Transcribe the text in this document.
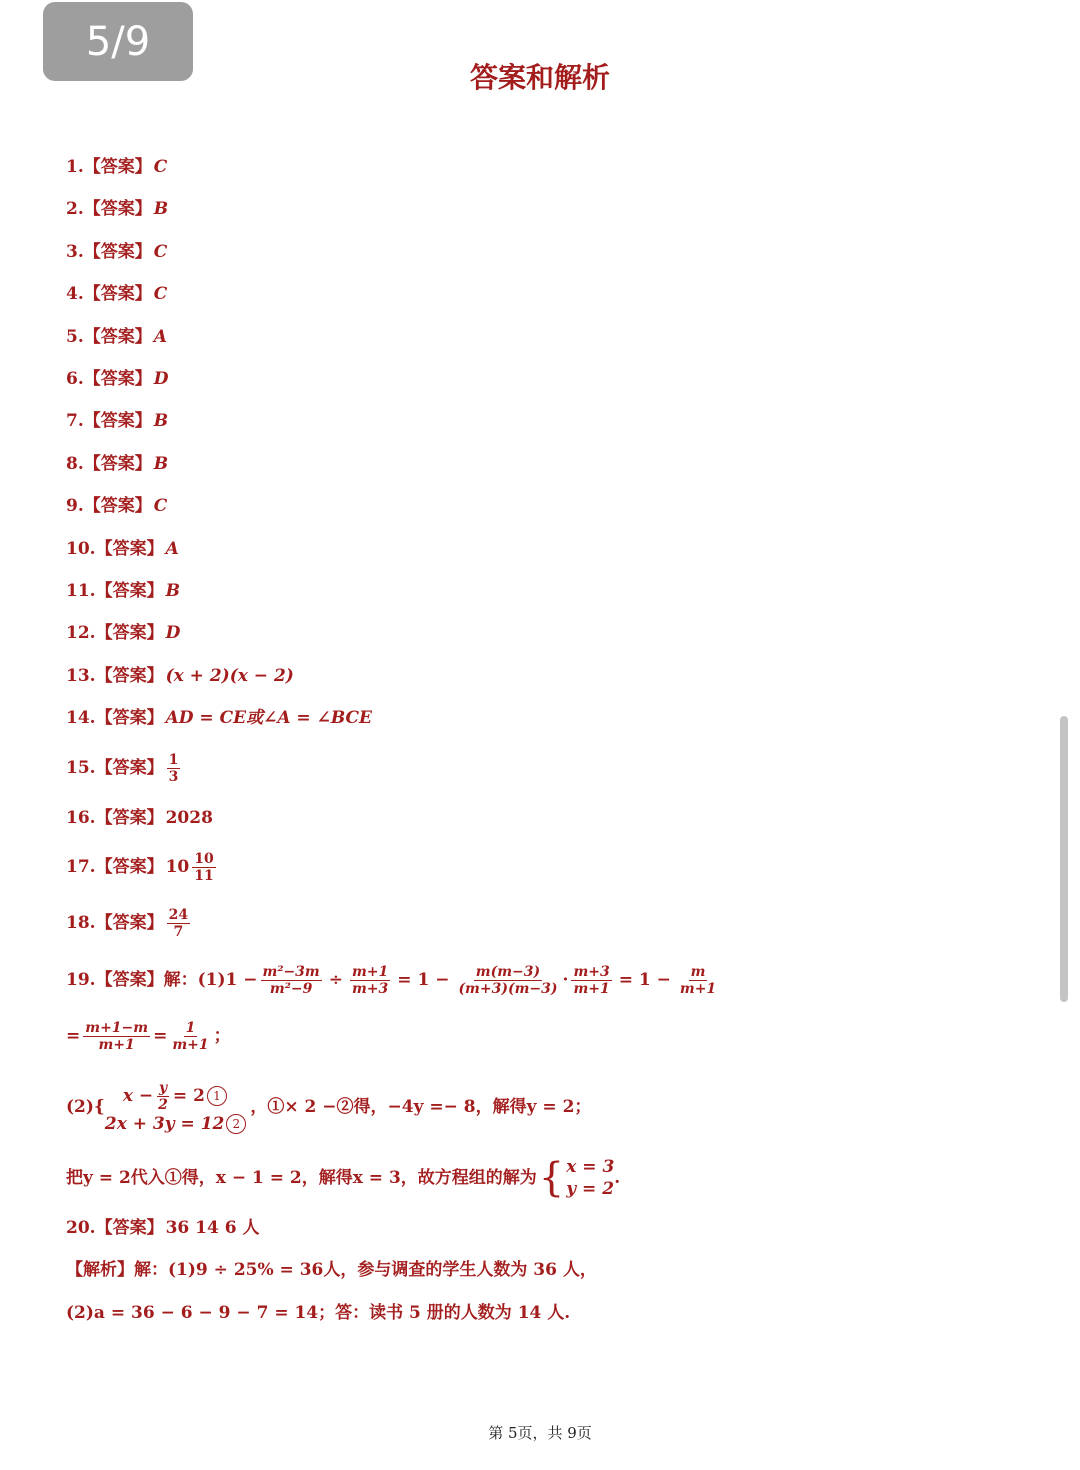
5/9
答案和解析
1. 【答案】 C
2. 【答案】 B
3. 【答案】 C
4. 【答案】 C
5. 【答案】 A
6. 【答案】 D
7. 【答案】 B
8. 【答案】 B
9. 【答案】 C
10. 【答案】 A
11. 【答案】 B
12. 【答案】 D
13. 【答案】 (x + 2)(x − 2)
14. 【答案】 AD = CE或∠A = ∠BCE
15. 【答案】 $\frac{1}{3}$
16. 【答案】 2028
17. 【答案】 $10 \frac{10}{11}$
18. 【答案】 $\frac{24}{7}$
19. 【答案】 解：$(1)1 - \frac{\text{m²−3m}}{\text{m²−9}} \div \frac{m+1}{m+3} = 1 - \frac{m(m-3)}{(m+3)(m-3)} \cdot \frac{m+3}{m+1} = 1 - \frac{m}{m+1}$
= $\frac{m+1-m}{m+1} = \frac{1}{m+1}$ ；
(2){
$x - \frac{y}{2} = 2$ 1
2x + 3y = 12 2
，①× 2 −②得，−4y =− 8，解得y = 2；
把y = 2代入①得，x − 1 = 2，解得x = 3，故方程组的解为 { x = 3
y = 2
.
20. 【答案】 36 14 6 人
【解析】 解：(1)9 ÷ 25% = 36人，参与调查的学生人数为 36 人，
(2)a = 36 − 6 − 9 − 7 = 14；答：读书 5 册的人数为 14 人.
第 5页，共 9页
